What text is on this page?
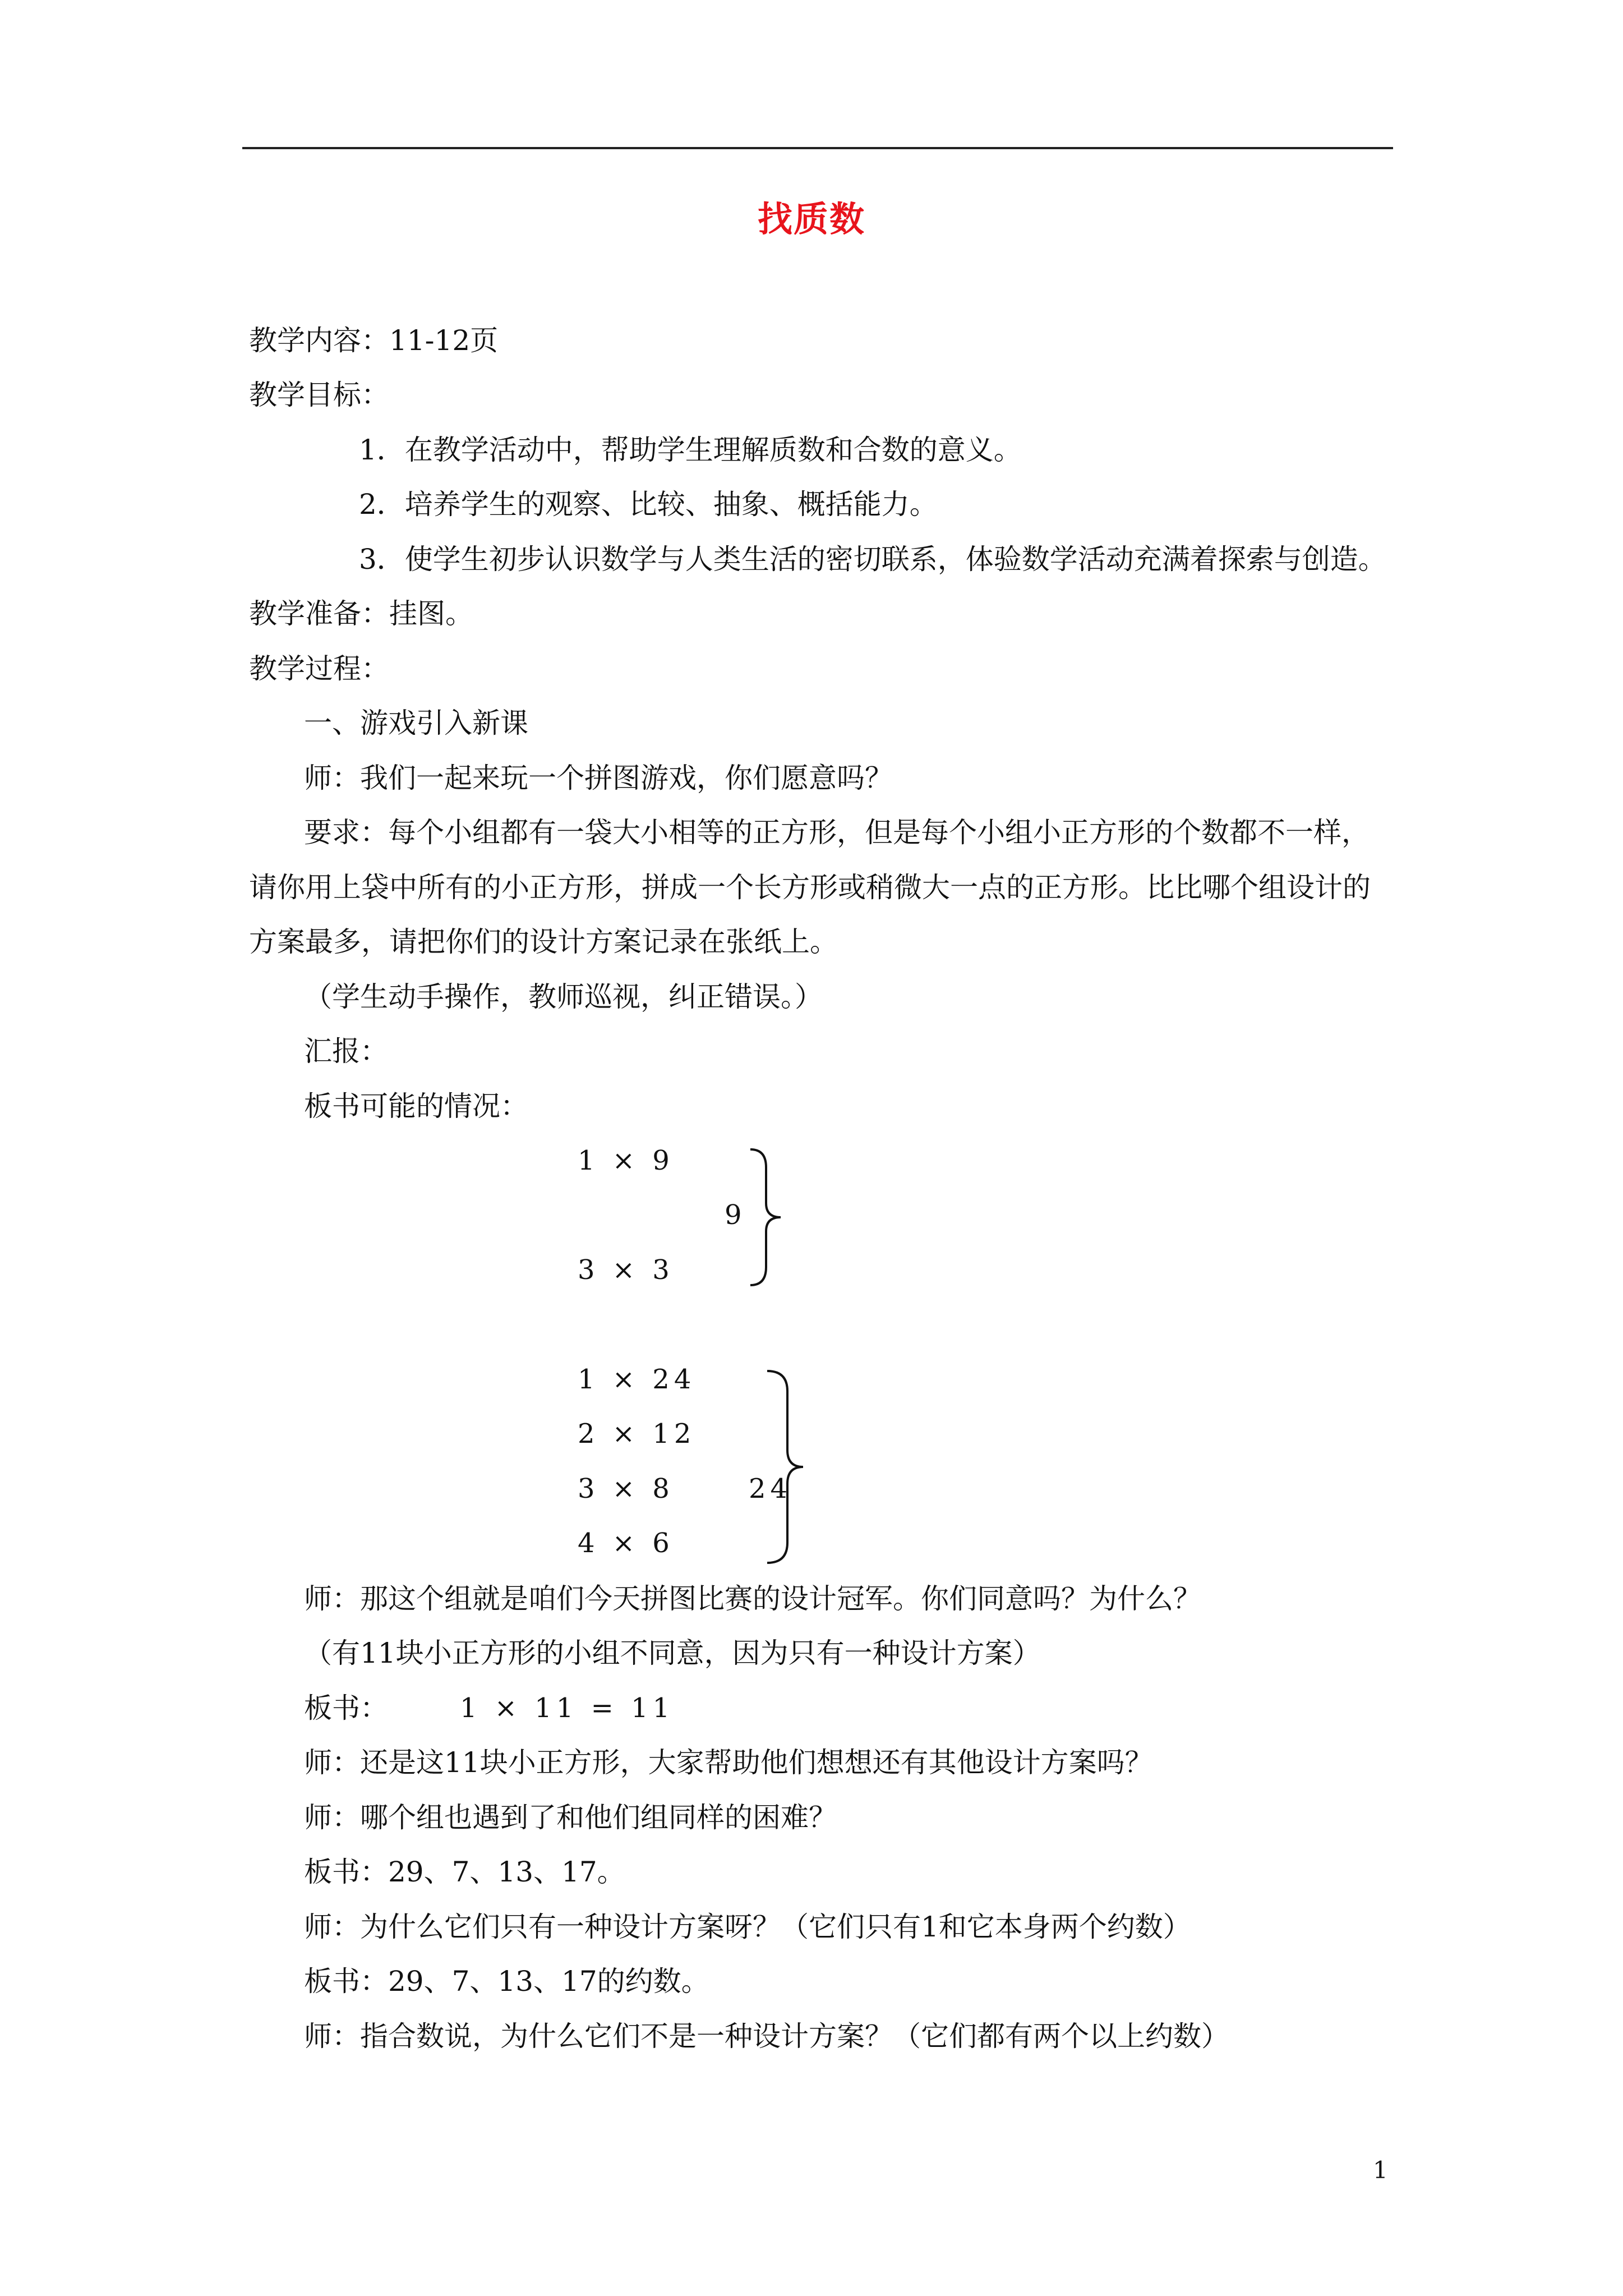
找质数
教学内容：11-12页
教学目标：
1．在教学活动中，帮助学生理解质数和合数的意义。
2．培养学生的观察、比较、抽象、概括能力。
3．使学生初步认识数学与人类生活的密切联系，体验数学活动充满着探索与创造。
教学准备：挂图。
教学过程：
一、游戏引入新课
师：我们一起来玩一个拼图游戏，你们愿意吗？
要求：每个小组都有一袋大小相等的正方形，但是每个小组小正方形的个数都不一样，
请你用上袋中所有的小正方形，拼成一个长方形或稍微大一点的正方形。比比哪个组设计的
方案最多，请把你们的设计方案记录在张纸上。
（学生动手操作，教师巡视，纠正错误。）
汇报：
板书可能的情况：
1 × 9
9
3 × 3
1 × 24
2 × 12
3 × 8	24
4 × 6
师：那这个组就是咱们今天拼图比赛的设计冠军。你们同意吗？为什么？
（有11块小正方形的小组不同意，因为只有一种设计方案）
板书：	1 × 11 = 11
师：还是这11块小正方形，大家帮助他们想想还有其他设计方案吗？
师：哪个组也遇到了和他们组同样的困难？
板书：29、7、13、17。
师：为什么它们只有一种设计方案呀？（它们只有1和它本身两个约数）
板书：29、7、13、17的约数。
师：指合数说，为什么它们不是一种设计方案？（它们都有两个以上约数）
1
